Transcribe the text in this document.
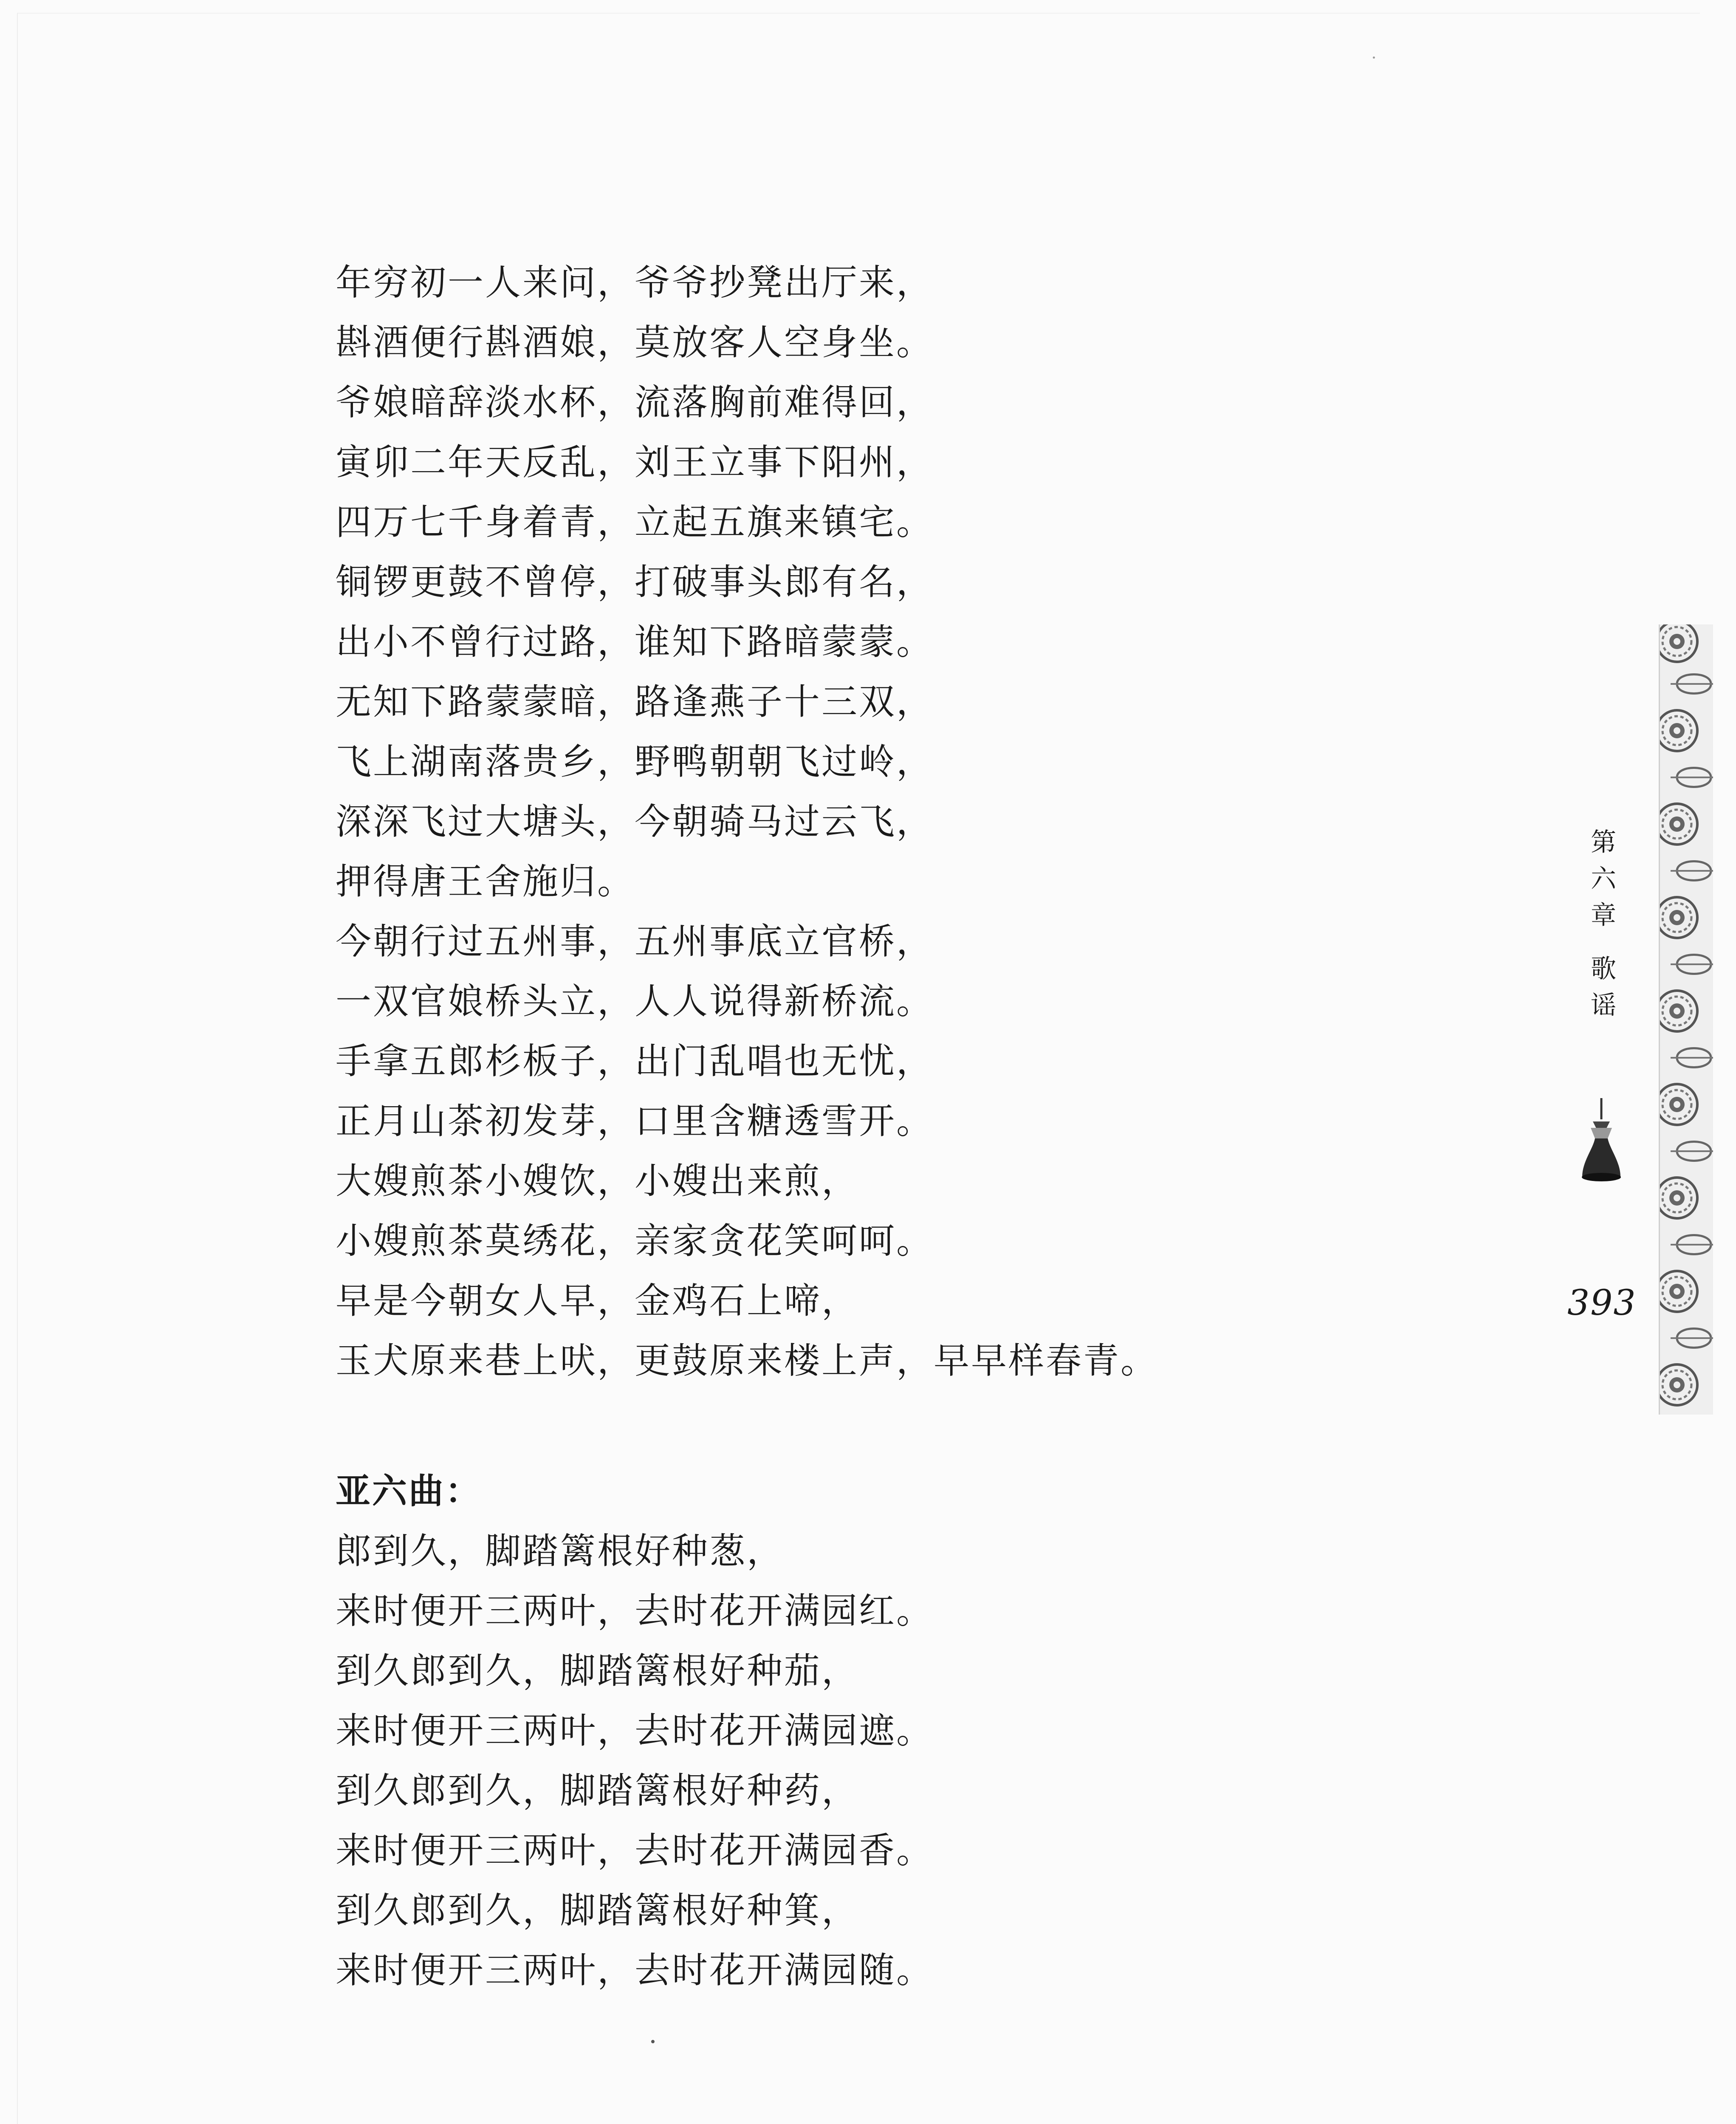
年穷初一人来问，爷爷抄凳出厅来，
斟酒便行斟酒娘，莫放客人空身坐。
爷娘暗辞淡水杯，流落胸前难得回，
寅卯二年天反乱，刘王立事下阳州，
四万七千身着青，立起五旗来镇宅。
铜锣更鼓不曾停，打破事头郎有名，
出小不曾行过路，谁知下路暗蒙蒙。
无知下路蒙蒙暗，路逢燕子十三双，
飞上湖南落贵乡，野鸭朝朝飞过岭，
深深飞过大塘头，今朝骑马过云飞，
押得唐王舍施归。
今朝行过五州事，五州事底立官桥，
一双官娘桥头立，人人说得新桥流。
手拿五郎杉板子，出门乱唱也无忧，
正月山茶初发芽，口里含糖透雪开。
大嫂煎茶小嫂饮，小嫂出来煎，
小嫂煎茶莫绣花，亲家贪花笑呵呵。
早是今朝女人早，金鸡石上啼，
玉犬原来巷上吠，更鼓原来楼上声，早早样春青。
亚六曲：
郎到久，脚踏篱根好种葱，
来时便开三两叶，去时花开满园红。
到久郎到久，脚踏篱根好种茄，
来时便开三两叶，去时花开满园遮。
到久郎到久，脚踏篱根好种药，
来时便开三两叶，去时花开满园香。
到久郎到久，脚踏篱根好种箕，
来时便开三两叶，去时花开满园随。
第
六
章
歌
谣
393
